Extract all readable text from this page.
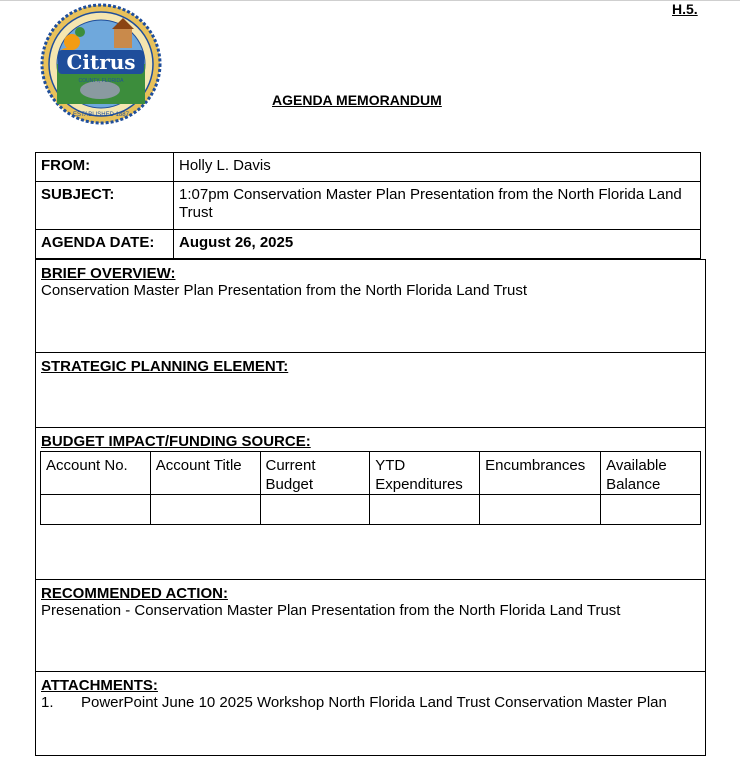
H.5.
Citrus
COUNTY, FLORIDA
ESTABLISHED 1887
AGENDA MEMORANDUM
FROM:	Holly L. Davis
SUBJECT:	1:07pm Conservation Master Plan Presentation from the North Florida Land Trust
AGENDA DATE:	August 26, 2025
BRIEF OVERVIEW:
Conservation Master Plan Presentation from the North Florida Land Trust
STRATEGIC PLANNING ELEMENT:
BUDGET IMPACT/FUNDING SOURCE:
Account No.	Account Title	Current Budget	YTD Expenditures	Encumbrances	Available Balance

RECOMMENDED ACTION:
Presenation - Conservation Master Plan Presentation from the North Florida Land Trust
ATTACHMENTS:
1.	PowerPoint June 10 2025 Workshop North Florida Land Trust Conservation Master Plan
